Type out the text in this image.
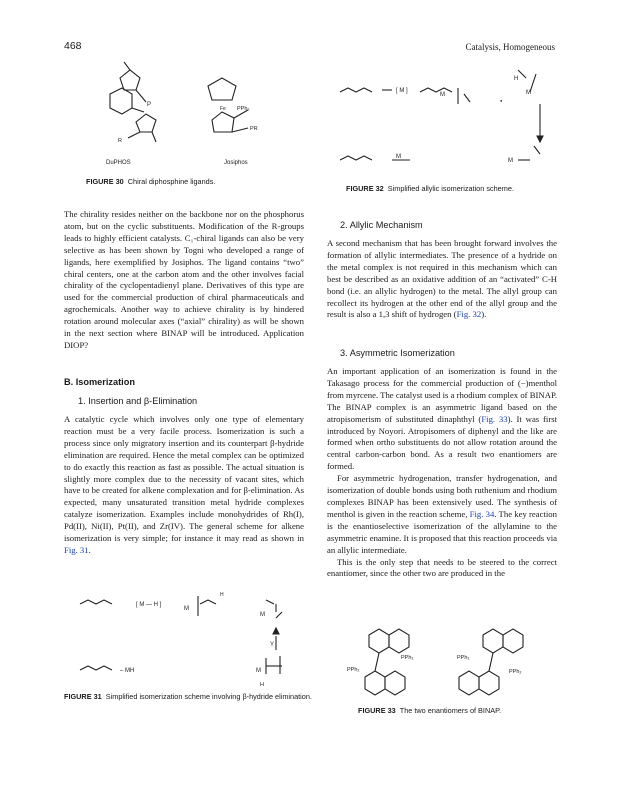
468	Catalysis, Homogeneous
P
R
DuPHOS
Fe PPh₂
PR
Josiphos
FIGURE 30 Chiral diphosphine ligands.
[ M ]
M
●
H
M
M
M
FIGURE 32 Simplified allylic isomerization scheme.

The chirality resides neither on the backbone nor on the phosphorus atom, but on the cyclic substituents. Modification of the R-groups leads to highly efficient catalysts. C₁-chiral ligands can also be very selective as has been shown by Togni who developed a range of ligands, here exemplified by Josiphos. The ligand contains “two” chiral centers, one at the carbon atom and the other involves facial chirality of the cyclopentadienyl plane. Derivatives of this type are used for the commercial production of chiral pharmaceuticals and agrochemicals. Another way to achieve chirality is by hindered rotation around molecular axes (“axial” chirality) as will be shown in the next section where BINAP will be introduced. Application DIOP?

B. Isomerization
1. Insertion and β-Elimination

A catalytic cycle which involves only one type of elementary reaction must be a very facile process. Isomerization is such a process since only migratory insertion and its counterpart β-hydride elimination are required. Hence the metal complex can be optimized to do exactly this reaction as fast as possible. The actual situation is slightly more complex due to the necessity of vacant sites, which have to be created for alkene complexation and for β-elimination. As expected, many unsaturated transition metal hydride complexes catalyze isomerization. Examples include monohydrides of Rh(I), Pd(II), Ni(II), Pt(II), and Zr(IV). The general scheme for alkene isomerization is very simple; for instance it may read as shown in Fig. 31.

H
[ M — H ]
M
M
Y
– MH	M
H
FIGURE 31 Simplified isomerization scheme involving β-hydride elimination.
2. Allylic Mechanism

A second mechanism that has been brought forward involves the formation of allylic intermediates. The presence of a hydride on the metal complex is not required in this mechanism which can best be described as an oxidative addition of an “activated” C-H bond (i.e. an allylic hydrogen) to the metal. The allyl group can recollect its hydrogen at the other end of the allyl group and the result is also a 1,3 shift of hydrogen (Fig. 32).

3. Asymmetric Isomerization

An important application of an isomerization is found in the Takasago process for the commercial production of (−)menthol from myrcene. The catalyst used is a rhodium complex of BINAP. The BINAP complex is an asymmetric ligand based on the atropisomerism of substituted dinaphthyl (Fig. 33). It was first introduced by Noyori. Atropisomers of diphenyl and the like are formed when ortho substituents do not allow rotation around the central carbon-carbon bond. As a result two enantiomers are formed.

For asymmetric hydrogenation, transfer hydrogenation, and isomerization of double bonds using both ruthenium and rhodium complexes BINAP has been extensively used. The synthesis of menthol is given in the reaction scheme, Fig. 34. The key reaction is the enantioselective isomerization of the allylamine to the asymmetric enamine. It is proposed that this reaction proceeds via an allylic intermediate.

This is the only step that needs to be steered to the correct enantiomer, since the other two are produced in the

PPh₂
PPh₂
PPh₂
PPh₂
FIGURE 33 The two enantiomers of BINAP.
